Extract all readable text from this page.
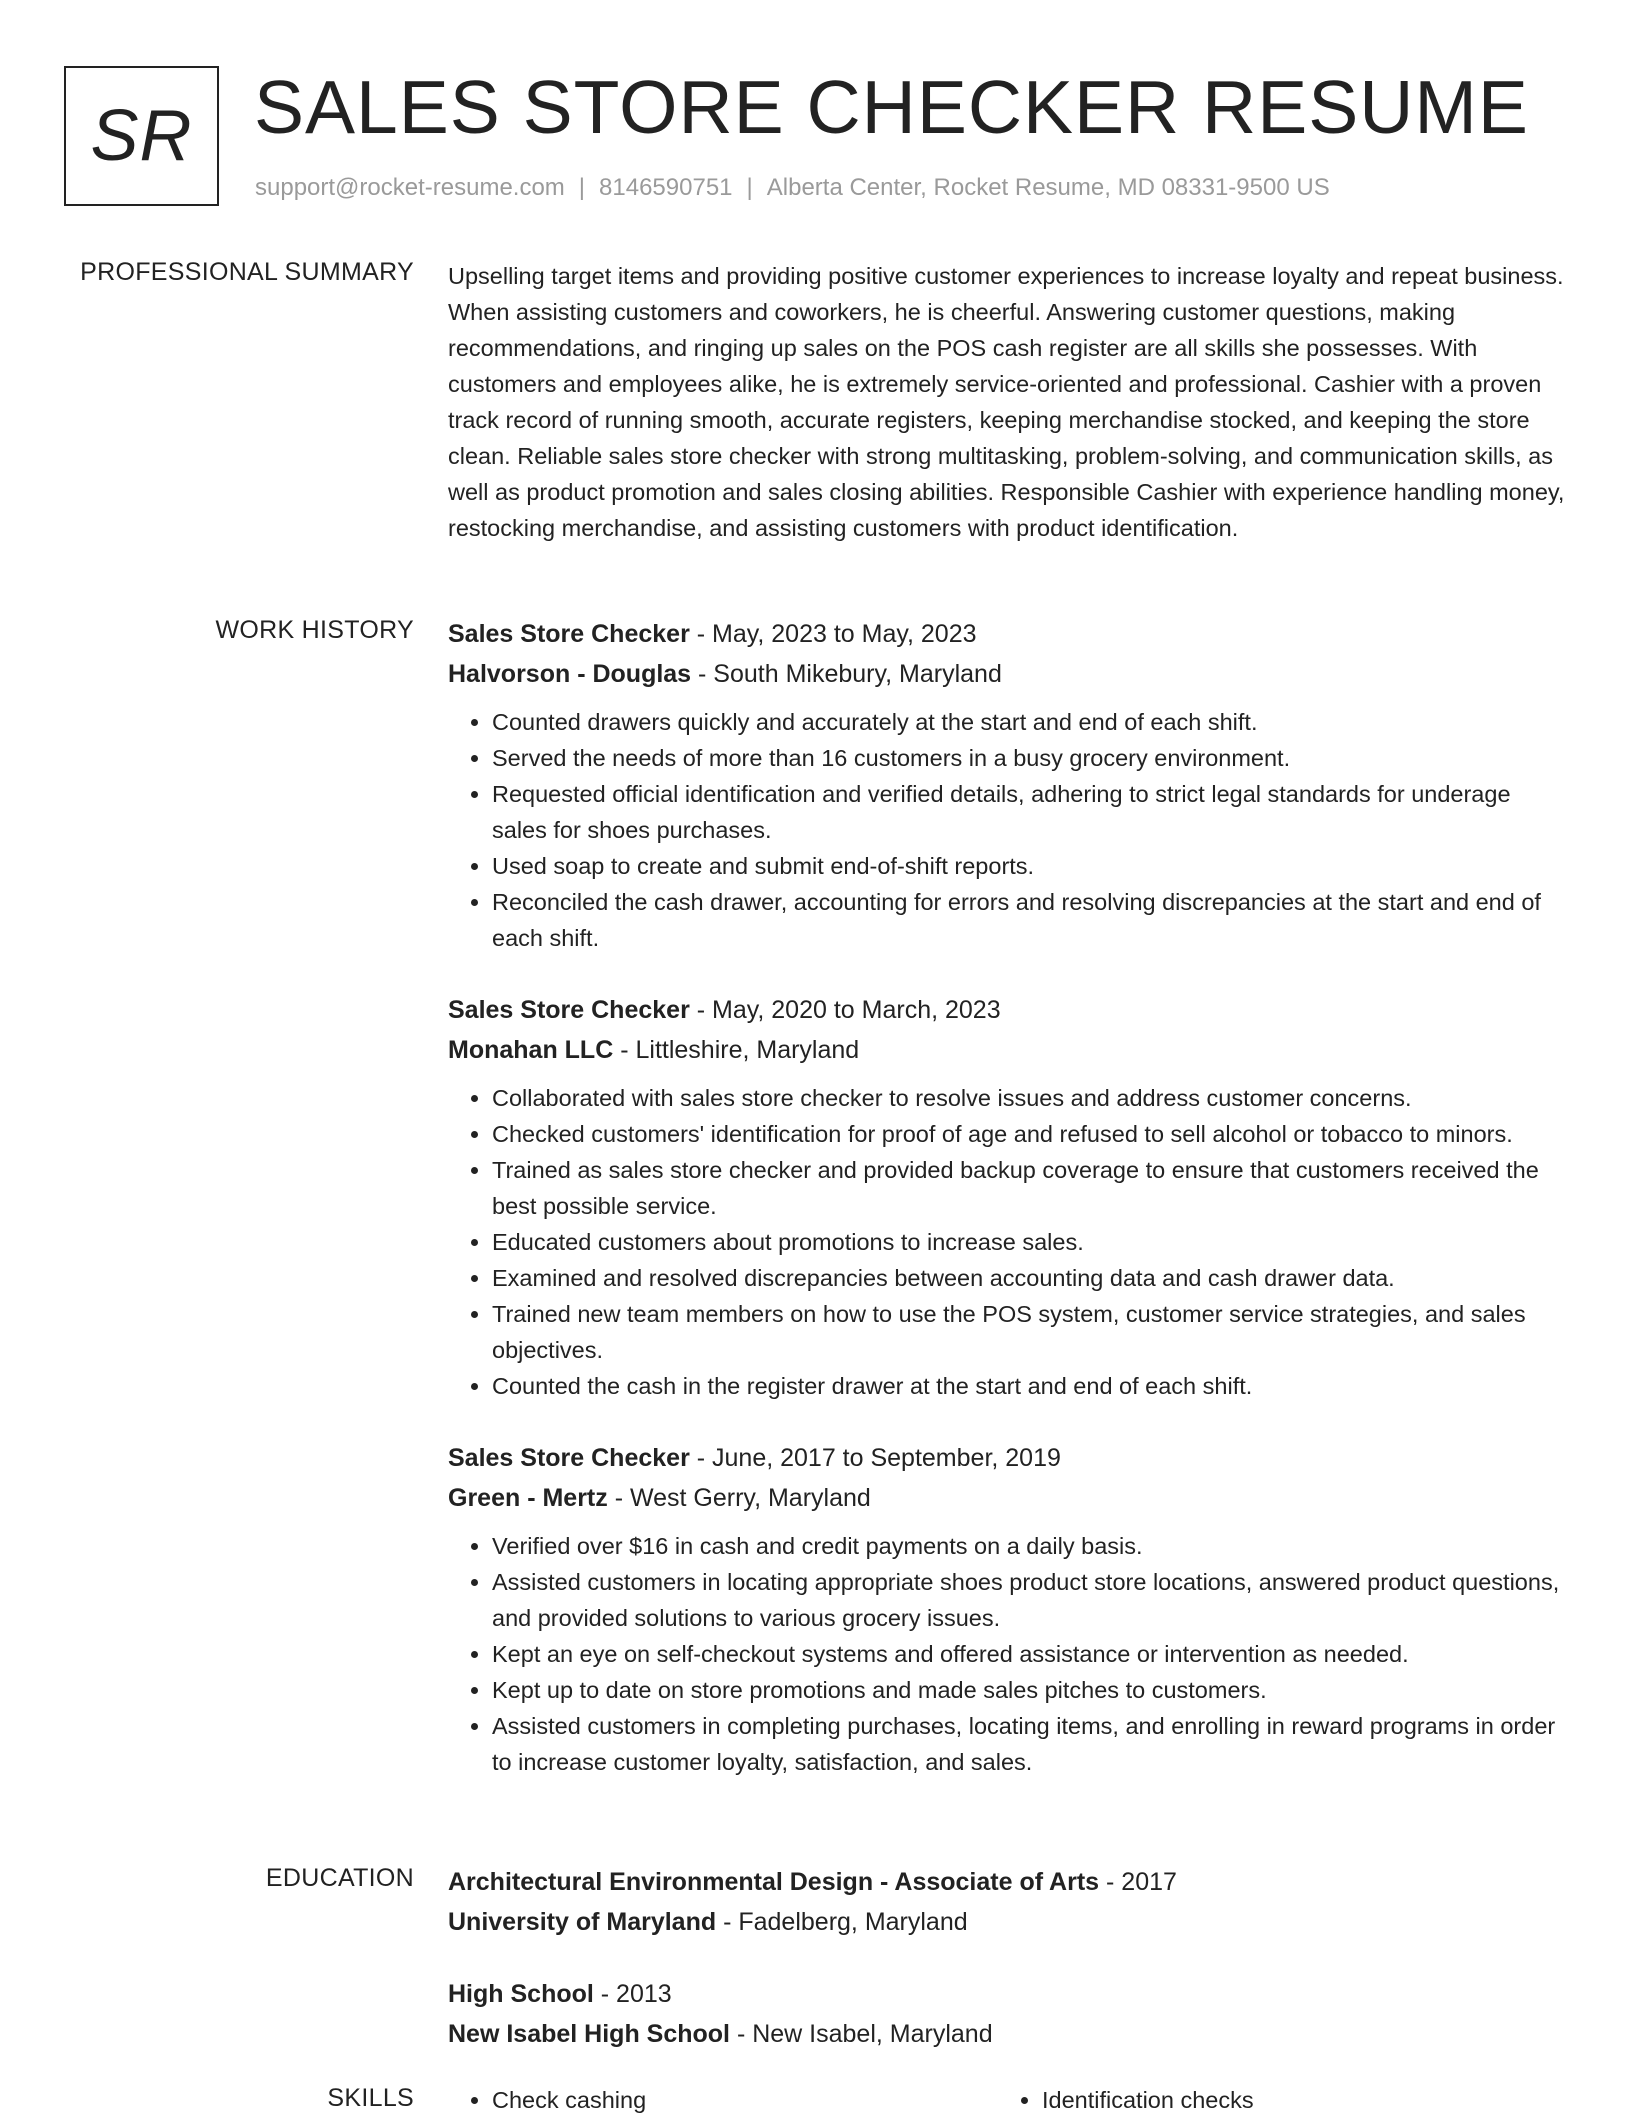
SR SALES STORE CHECKER RESUME
support@rocket-resume.com | 8146590751 | Alberta Center, Rocket Resume, MD 08331-9500 US
PROFESSIONAL SUMMARY Upselling target items and providing positive customer experiences to increase loyalty and repeat business. When assisting customers and coworkers, he is cheerful. Answering customer questions, making recommendations, and ringing up sales on the POS cash register are all skills she possesses. With customers and employees alike, he is extremely service-oriented and professional. Cashier with a proven track record of running smooth, accurate registers, keeping merchandise stocked, and keeping the store clean. Reliable sales store checker with strong multitasking, problem-solving, and communication skills, as well as product promotion and sales closing abilities. Responsible Cashier with experience handling money, restocking merchandise, and assisting customers with product identification.

WORK HISTORY Sales Store Checker - May, 2023 to May, 2023
Halvorson - Douglas - South Mikebury, Maryland
• Counted drawers quickly and accurately at the start and end of each shift.
• Served the needs of more than 16 customers in a busy grocery environment.
• Requested official identification and verified details, adhering to strict legal standards for underage sales for shoes purchases.
• Used soap to create and submit end-of-shift reports.
• Reconciled the cash drawer, accounting for errors and resolving discrepancies at the start and end of each shift.
Sales Store Checker - May, 2020 to March, 2023
Monahan LLC - Littleshire, Maryland
• Collaborated with sales store checker to resolve issues and address customer concerns.
• Checked customers' identification for proof of age and refused to sell alcohol or tobacco to minors.
• Trained as sales store checker and provided backup coverage to ensure that customers received the best possible service.
• Educated customers about promotions to increase sales.
• Examined and resolved discrepancies between accounting data and cash drawer data.
• Trained new team members on how to use the POS system, customer service strategies, and sales objectives.
• Counted the cash in the register drawer at the start and end of each shift.
Sales Store Checker - June, 2017 to September, 2019
Green - Mertz - West Gerry, Maryland
• Verified over $16 in cash and credit payments on a daily basis.
• Assisted customers in locating appropriate shoes product store locations, answered product questions, and provided solutions to various grocery issues.
• Kept an eye on self-checkout systems and offered assistance or intervention as needed.
• Kept up to date on store promotions and made sales pitches to customers.
• Assisted customers in completing purchases, locating items, and enrolling in reward programs in order to increase customer loyalty, satisfaction, and sales.
EDUCATION Architectural Environmental Design - Associate of Arts - 2017
University of Maryland - Fadelberg, Maryland
High School - 2013
New Isabel High School - New Isabel, Maryland
SKILLS	• Check cashing	• Identification checks
